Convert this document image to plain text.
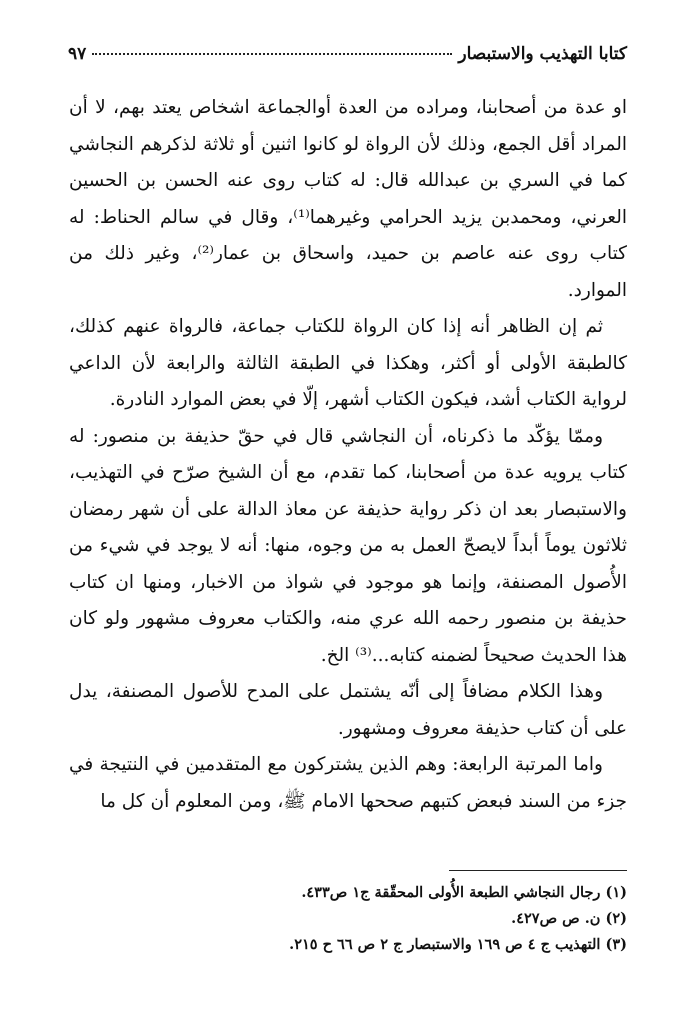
كتابا التهذيب والاستبصار
٩٧

او عدة من أصحابنا، ومراده من العدة أوالجماعة اشخاص يعتد بهم، لا أن المراد أقل الجمع، وذلك لأن الرواة لو كانوا اثنين أو ثلاثة لذكرهم النجاشي كما في السري بن عبدالله قال: له كتاب روى عنه الحسن بن الحسين العرني، ومحمدبن يزيد الحرامي وغيرهما⁽¹⁾، وقال في سالم الحناط: له كتاب روى عنه عاصم بن حميد، واسحاق بن عمار⁽²⁾، وغير ذلك من الموارد.

ثم إن الظاهر أنه إذا كان الرواة للكتاب جماعة، فالرواة عنهم كذلك، كالطبقة الأولى أو أكثر، وهكذا في الطبقة الثالثة والرابعة لأن الداعي لرواية الكتاب أشد، فيكون الكتاب أشهر، إلّا في بعض الموارد النادرة.

وممّا يؤكّد ما ذكرناه، أن النجاشي قال في حقّ حذيفة بن منصور: له كتاب يرويه عدة من أصحابنا، كما تقدم، مع أن الشيخ صرّح في التهذيب، والاستبصار بعد ان ذكر رواية حذيفة عن معاذ الدالة على أن شهر رمضان ثلاثون يوماً أبداً لايصحّ العمل به من وجوه، منها: أنه لا يوجد في شيء من الأُصول المصنفة، وإنما هو موجود في شواذ من الاخبار، ومنها ان كتاب حذيفة بن منصور رحمه الله عري منه، والكتاب معروف مشهور ولو كان هذا الحديث صحيحاً لضمنه كتابه...⁽³⁾ الخ.

وهذا الكلام مضافاً إلى أنّه يشتمل على المدح للأصول المصنفة، يدل على أن كتاب حذيفة معروف ومشهور.

واما المرتبة الرابعة: وهم الذين يشتركون مع المتقدمين في النتيجة في جزء من السند فبعض كتبهم صححها الامام ﷺ، ومن المعلوم أن كل ما

(١) رجال النجاشي الطبعة الأُولى المحقّقة ج١ ص٤٣٣.
(٢) ن. ص ص٤٢٧.
(٣) التهذيب ج ٤ ص ١٦٩ والاستبصار ج ٢ ص ٦٦ ح ٢١٥.
